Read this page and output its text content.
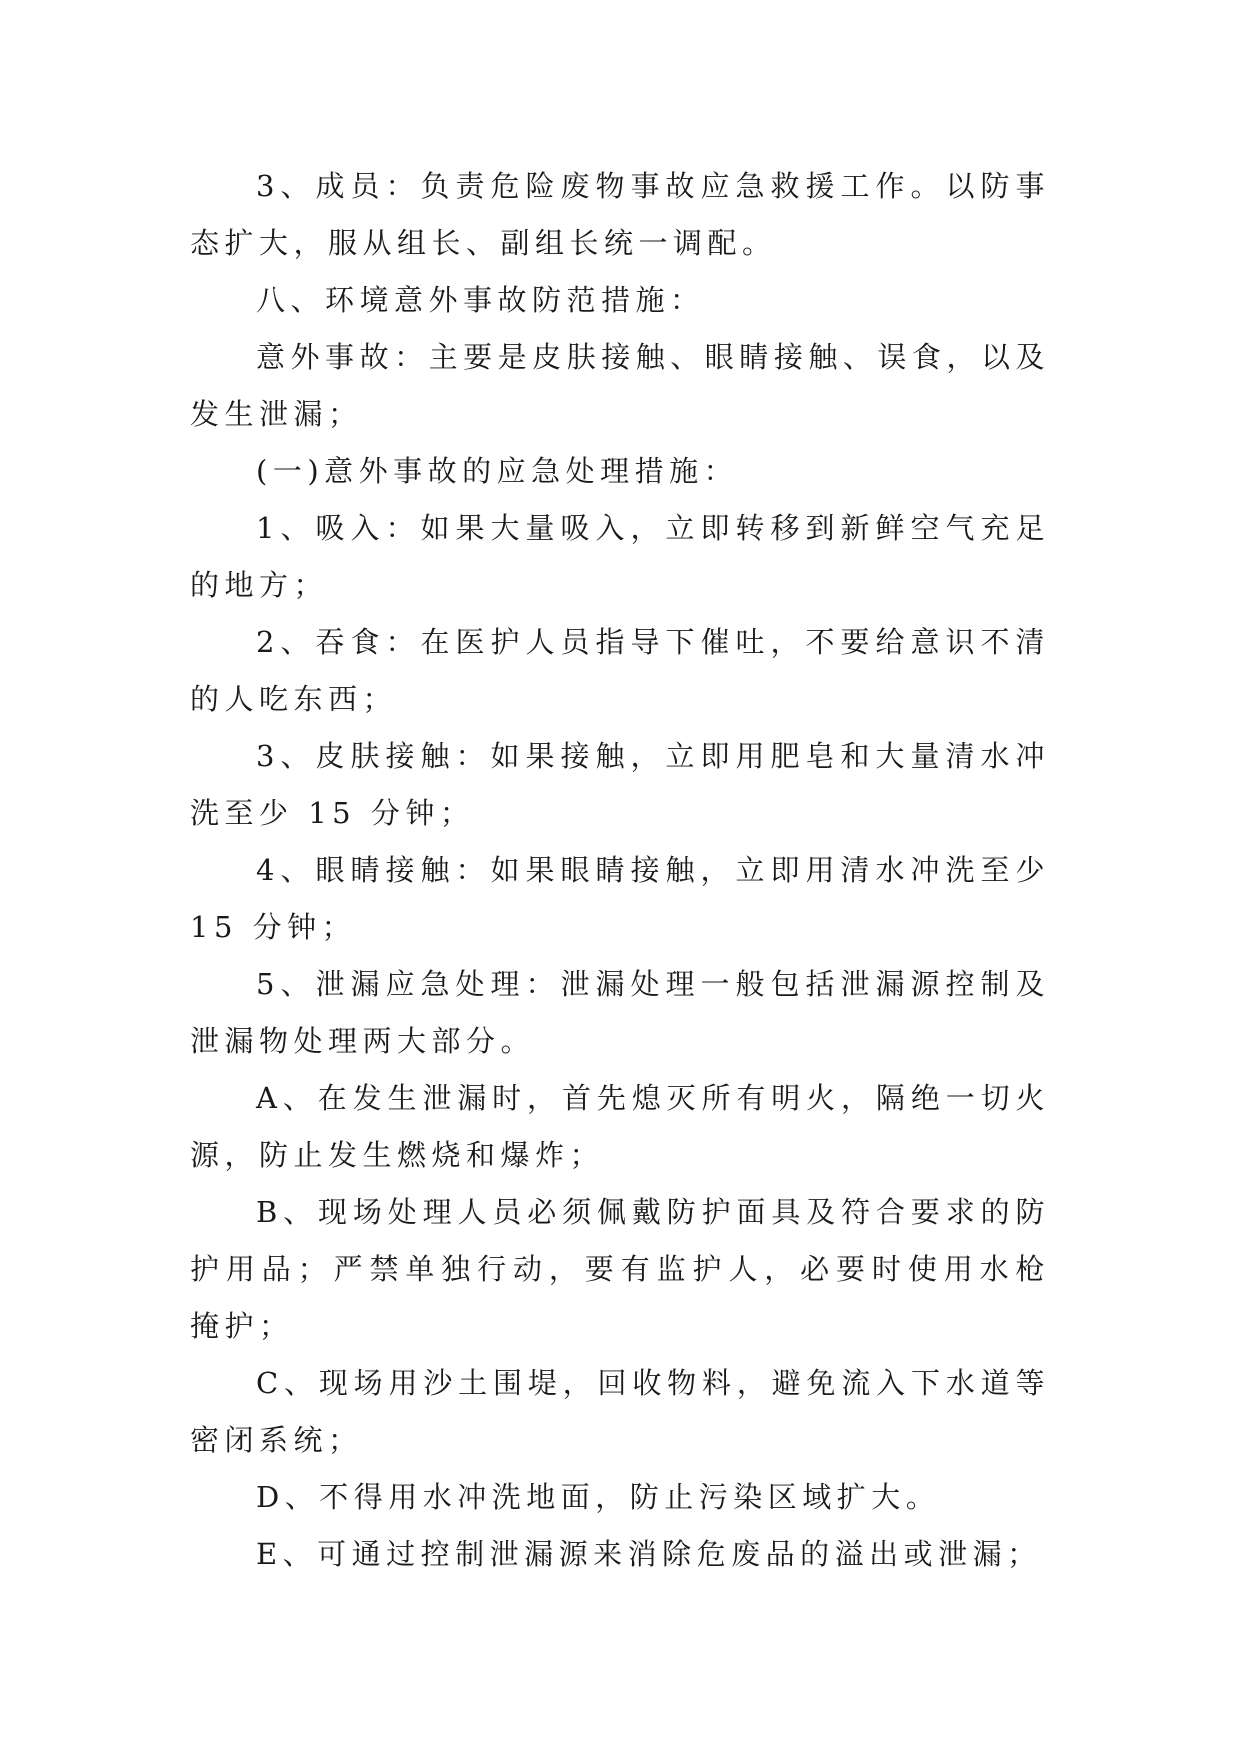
3、成员：负责危险废物事故应急救援工作。以防事态扩大，服从组长、副组长统一调配。

八、环境意外事故防范措施：

意外事故：主要是皮肤接触、眼睛接触、误食，以及发生泄漏；

(一)意外事故的应急处理措施：

1、吸入：如果大量吸入，立即转移到新鲜空气充足的地方；

2、吞食：在医护人员指导下催吐，不要给意识不清的人吃东西；

3、皮肤接触：如果接触，立即用肥皂和大量清水冲洗至少 15 分钟；

4、眼睛接触：如果眼睛接触，立即用清水冲洗至少 15 分钟；

5、泄漏应急处理：泄漏处理一般包括泄漏源控制及泄漏物处理两大部分。

A、在发生泄漏时，首先熄灭所有明火，隔绝一切火源，防止发生燃烧和爆炸；

B、现场处理人员必须佩戴防护面具及符合要求的防护用品；严禁单独行动，要有监护人，必要时使用水枪掩护；

C、现场用沙土围堤，回收物料，避免流入下水道等密闭系统；

D、不得用水冲洗地面，防止污染区域扩大。

E、可通过控制泄漏源来消除危废品的溢出或泄漏；
